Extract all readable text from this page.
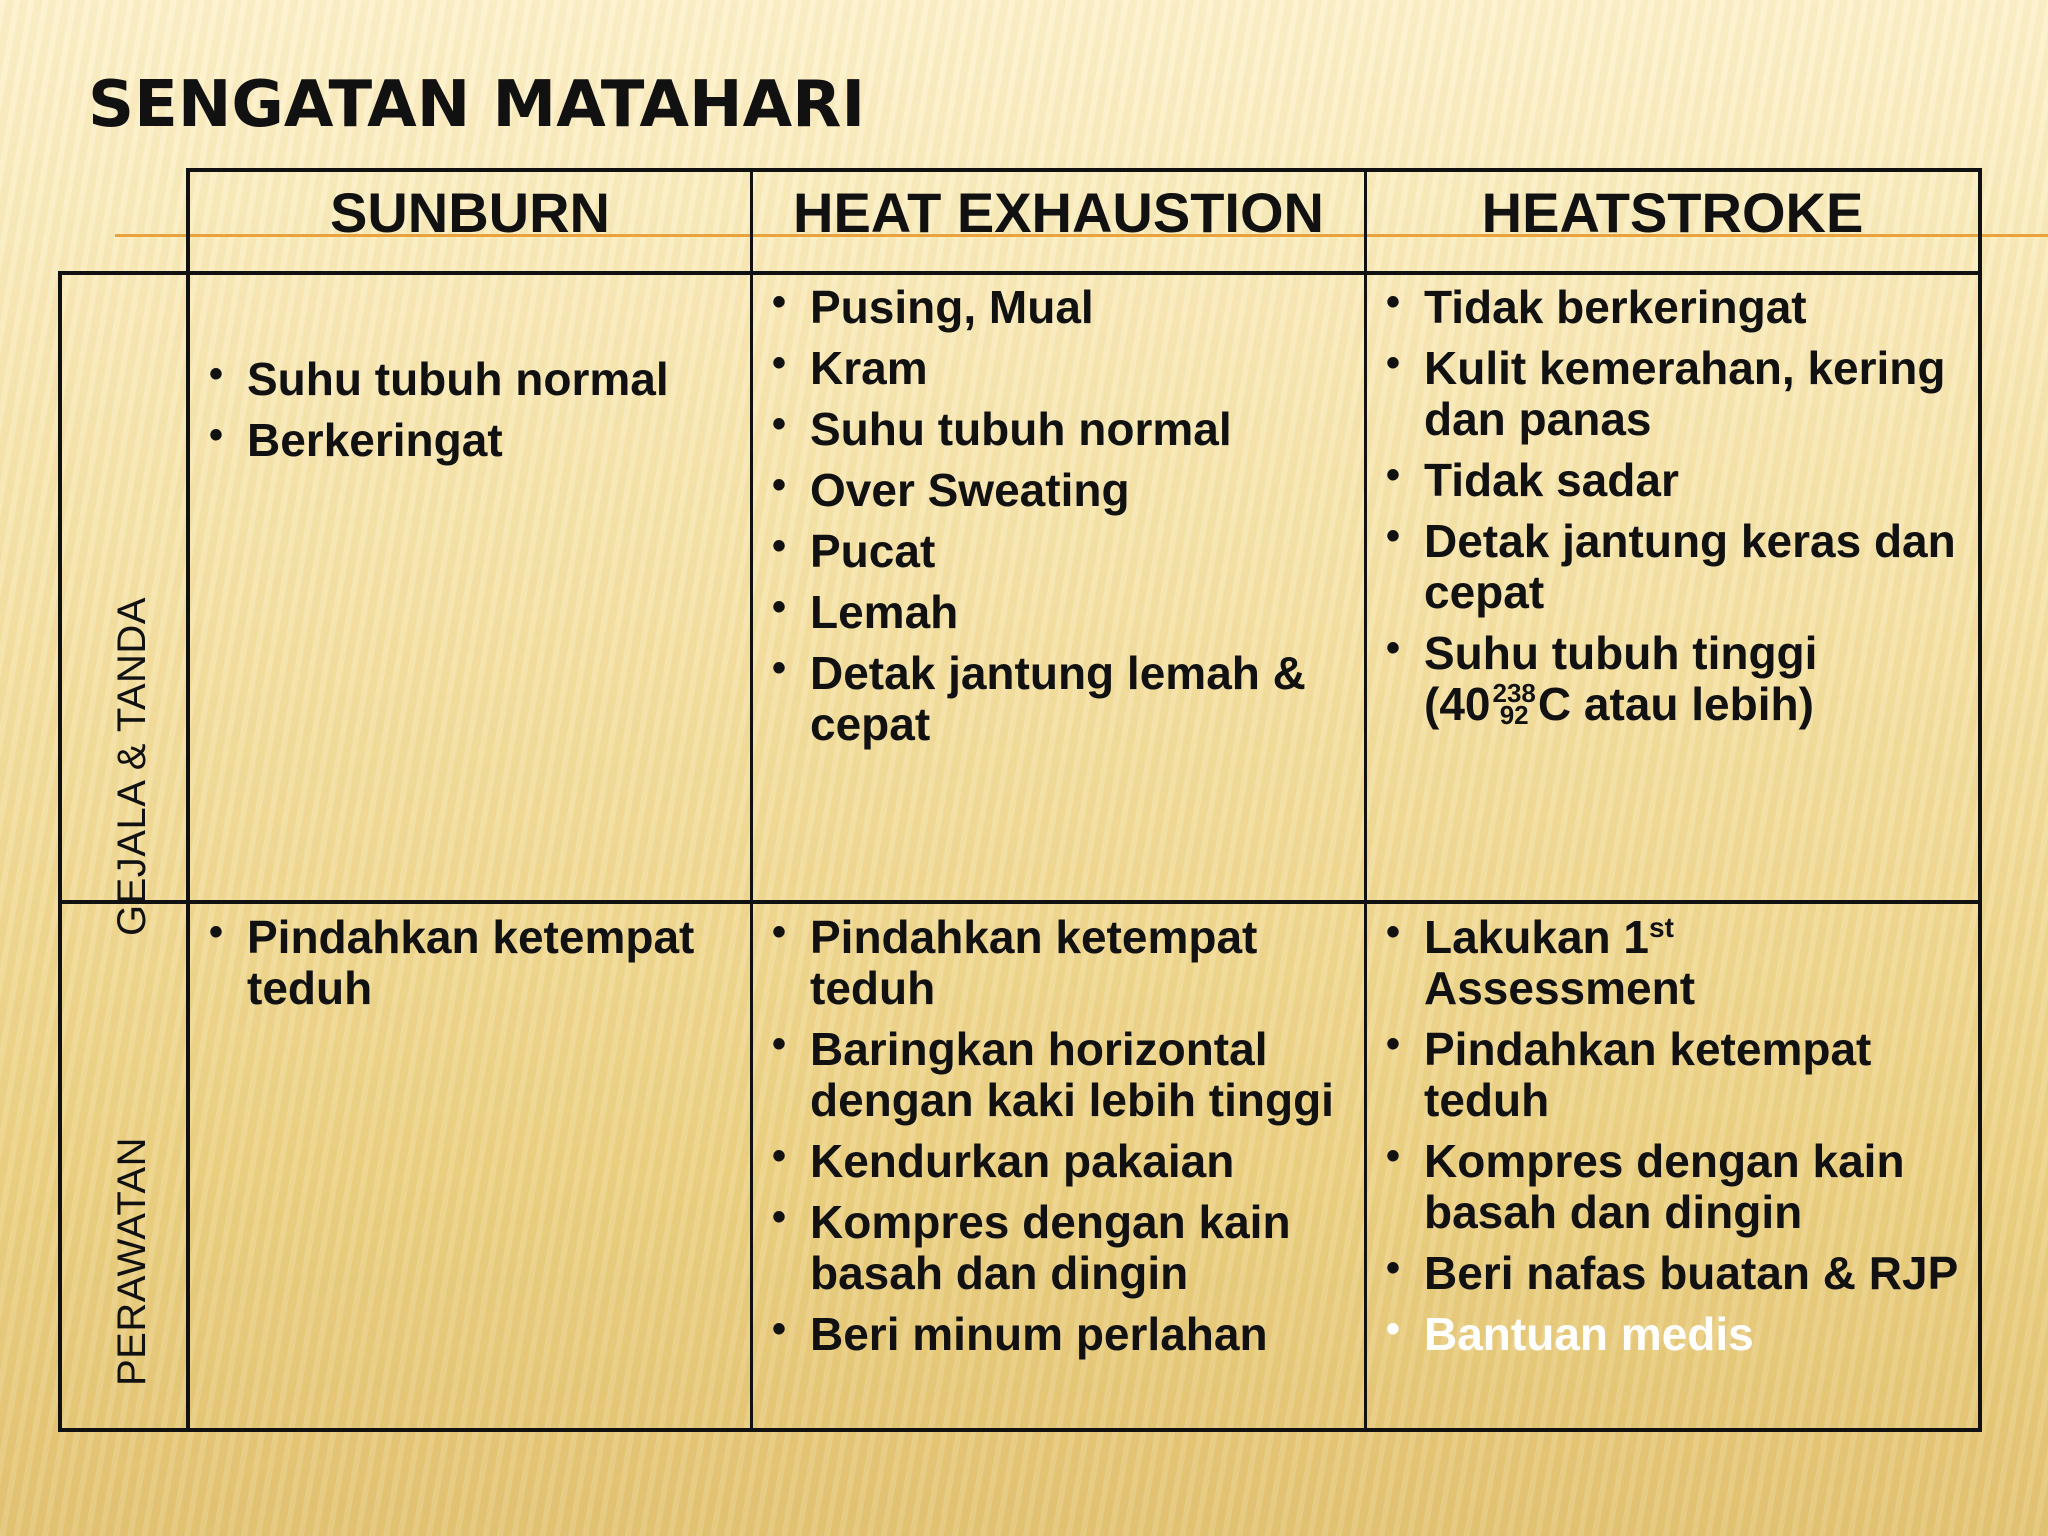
SENGATAN MATAHARI
SUNBURN	HEAT EXHAUSTION	HEATSTROKE
GEJALA & TANDA
PERAWATAN
• Suhu tubuh normal
• Berkeringat
• Pusing, Mual
• Kram
• Suhu tubuh normal
• Over Sweating
• Pucat
• Lemah
• Detak jantung lemah & cepat
• Tidak berkeringat
• Kulit kemerahan, kering dan panas
• Tidak sadar
• Detak jantung keras dan cepat
• Suhu tubuh tinggi
(40 238
92 C atau lebih)
• Pindahkan ketempat teduh
• Pindahkan ketempat teduh
• Baringkan horizontal dengan kaki lebih tinggi
• Kendurkan pakaian
• Kompres dengan kain basah dan dingin
• Beri minum perlahan
• Lakukan 1st
Assessment
• Pindahkan ketempat teduh
• Kompres dengan kain basah dan dingin
• Beri nafas buatan & RJP
• Bantuan medis
